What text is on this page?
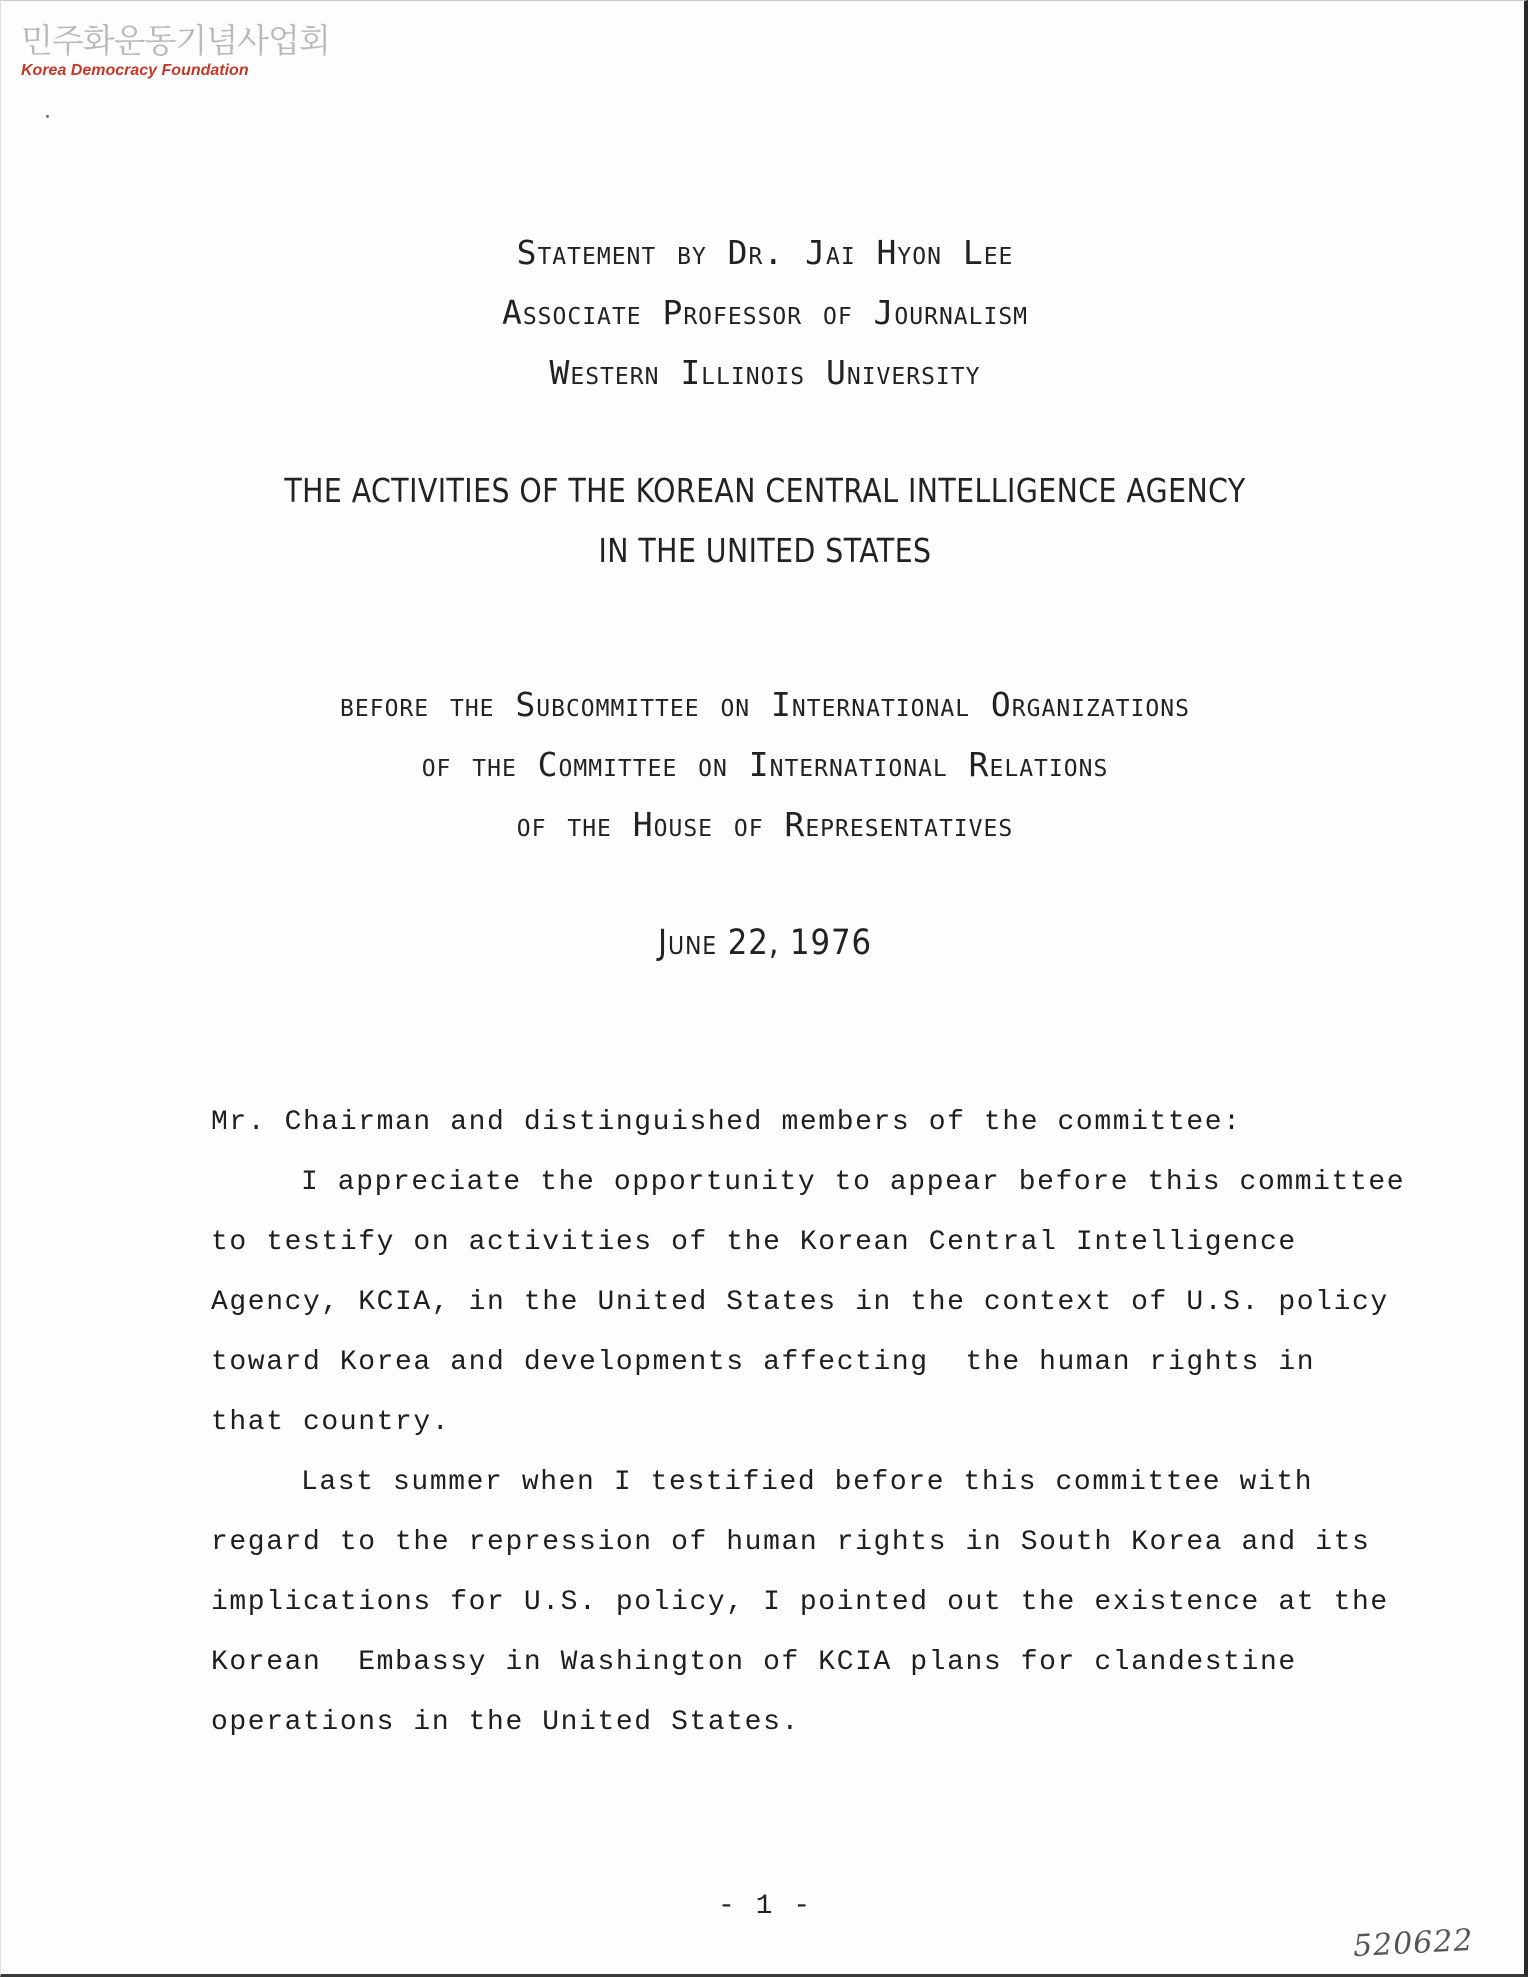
민주화운동기념사업회
Korea Democracy Foundation
Statement by Dr. Jai Hyon Lee
Associate Professor of Journalism
Western Illinois University
THE ACTIVITIES OF THE KOREAN CENTRAL INTELLIGENCE AGENCY
IN THE UNITED STATES
before the Subcommittee on International Organizations
of the Committee on International Relations
of the House of Representatives
June 22, 1976
Mr. Chairman and distinguished members of the committee:
I appreciate the opportunity to appear before this committee
to testify on activities of the Korean Central Intelligence
Agency, KCIA, in the United States in the context of U.S. policy
toward Korea and developments affecting  the human rights in
that country.
Last summer when I testified before this committee with
regard to the repression of human rights in South Korea and its
implications for U.S. policy, I pointed out the existence at the
Korean  Embassy in Washington of KCIA plans for clandestine
operations in the United States.
- 1 -
520622
